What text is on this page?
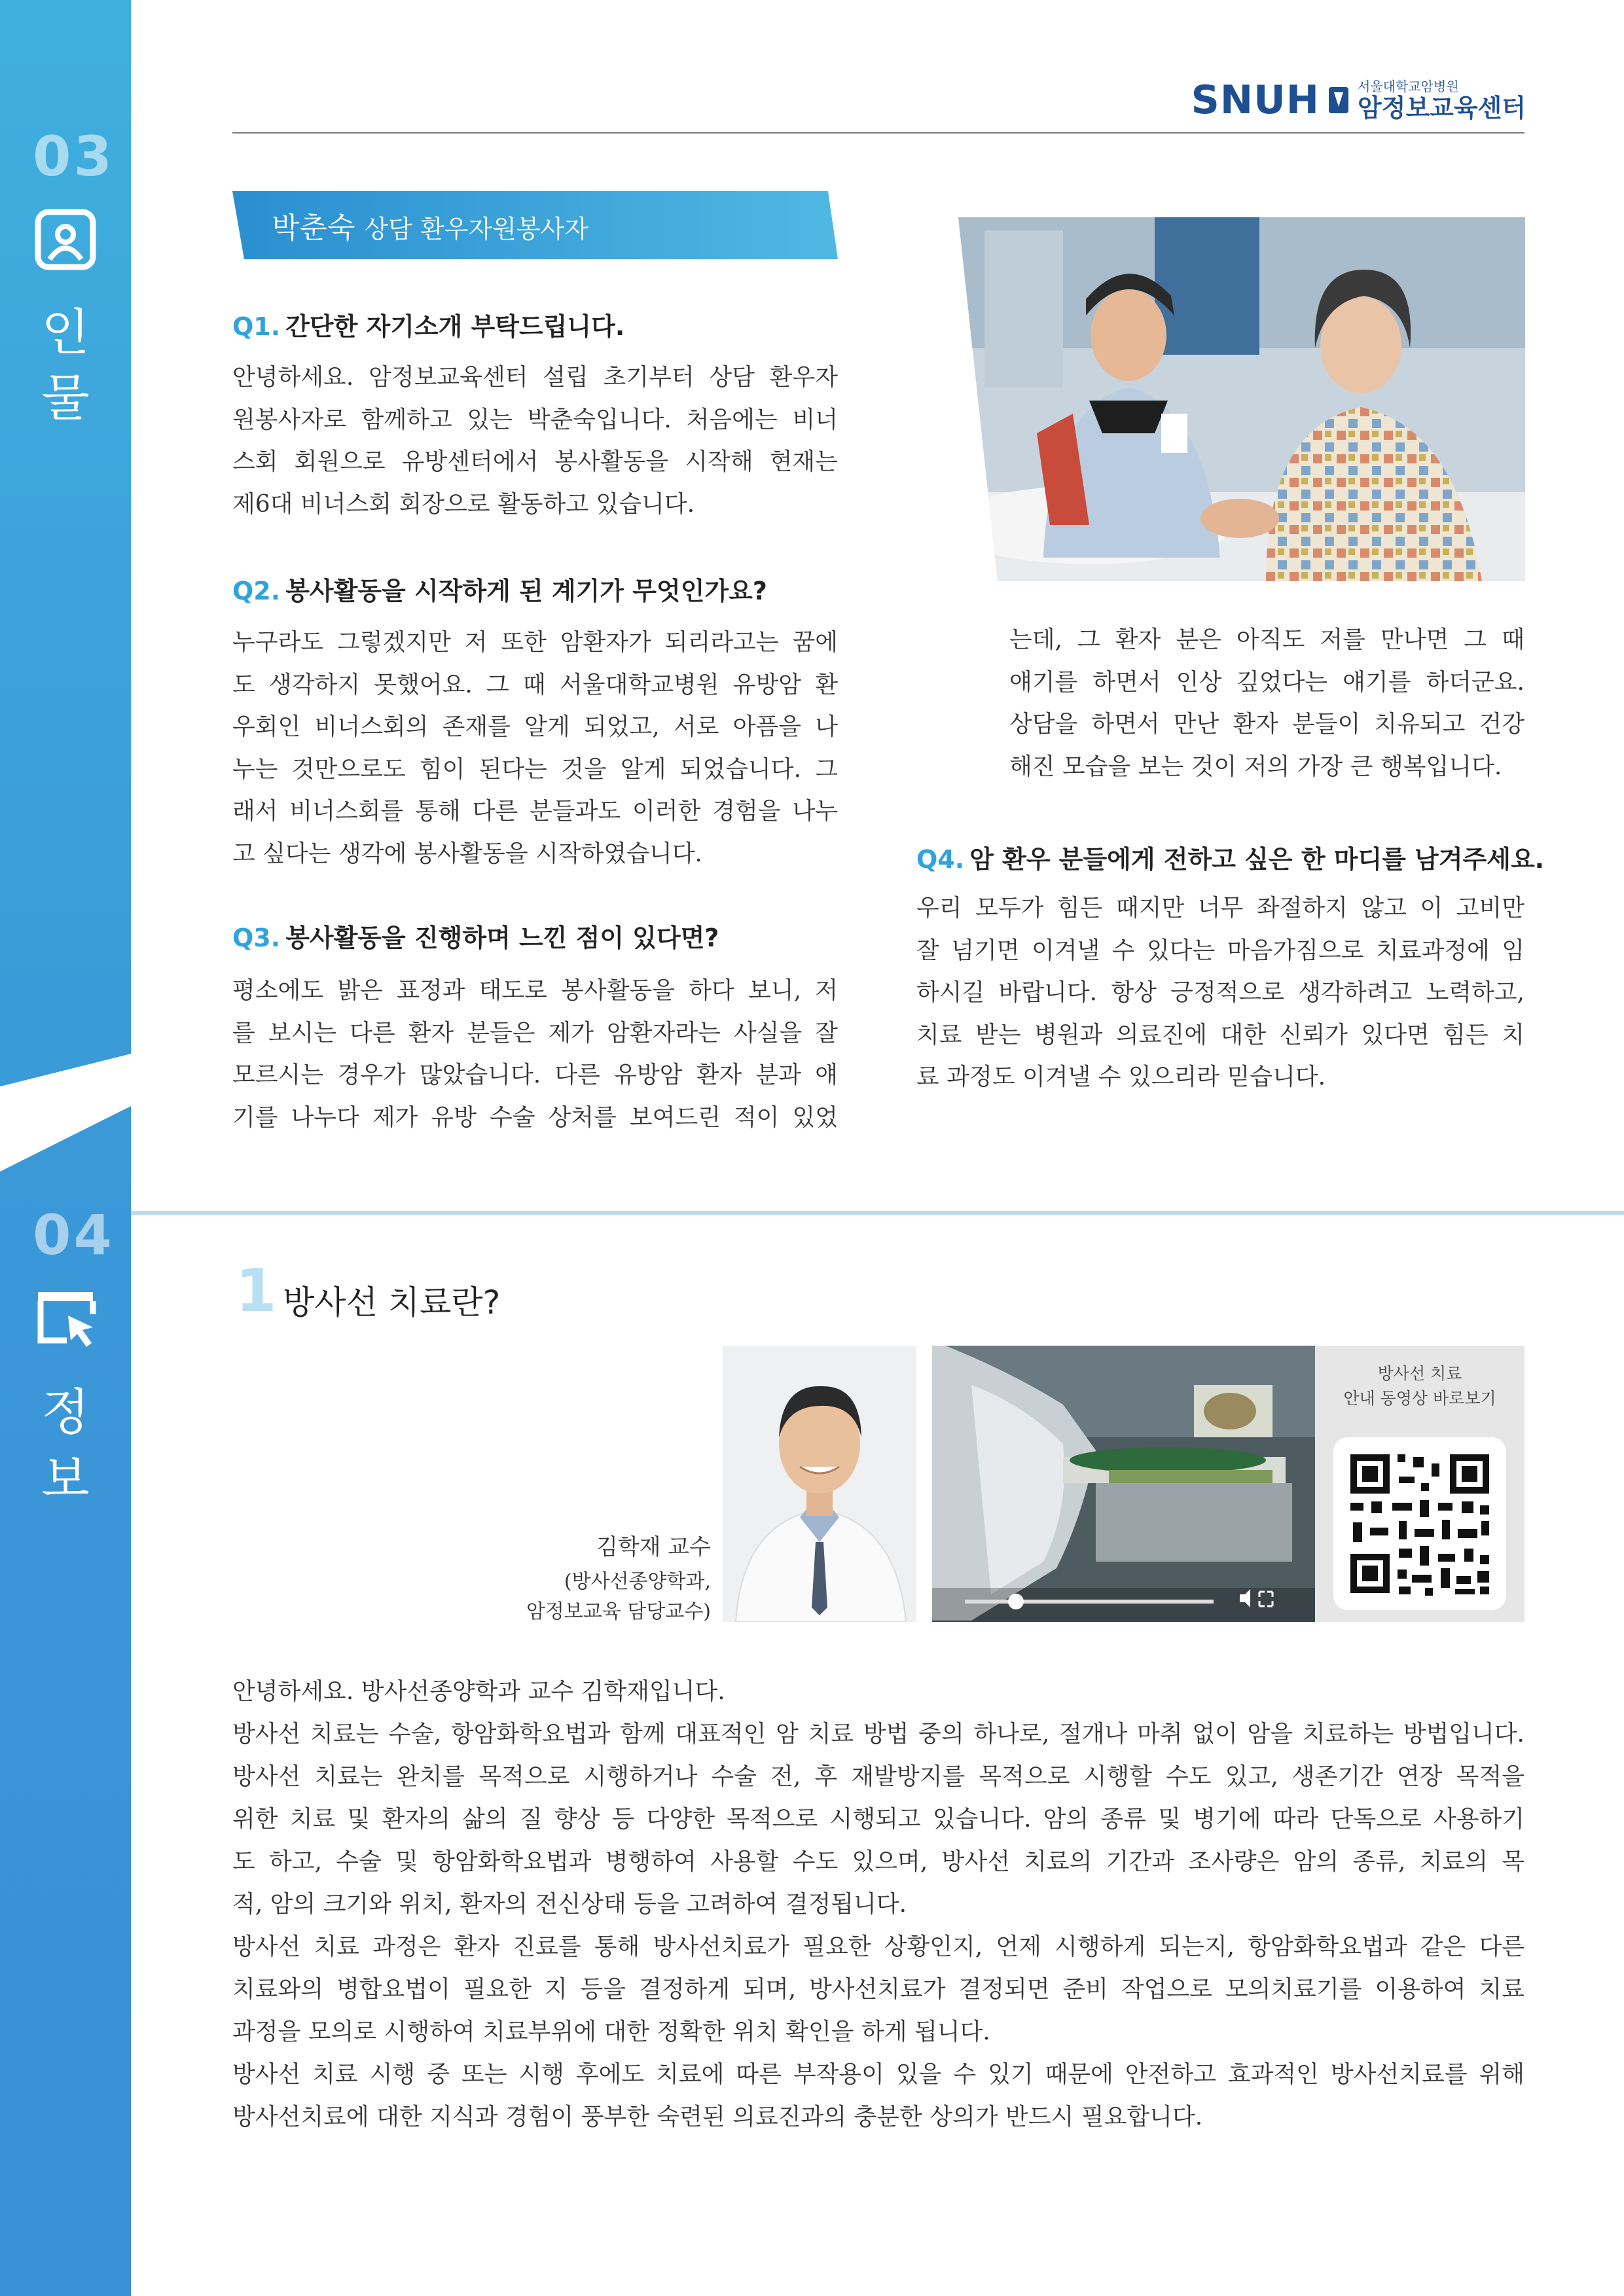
03
인
물
04
정
보
SNUH	서울대학교암병원
암정보교육센터
박춘숙 상담 환우자원봉사자
Q1. 간단한 자기소개 부탁드립니다.
안녕하세요. 암정보교육센터 설립 초기부터 상담 환우자
원봉사자로 함께하고 있는 박춘숙입니다. 처음에는 비너
스회 회원으로 유방센터에서 봉사활동을 시작해 현재는
제6대 비너스회 회장으로 활동하고 있습니다.
Q2. 봉사활동을 시작하게 된 계기가 무엇인가요?
누구라도 그렇겠지만 저 또한 암환자가 되리라고는 꿈에
도 생각하지 못했어요. 그 때 서울대학교병원 유방암 환
우회인 비너스회의 존재를 알게 되었고, 서로 아픔을 나
누는 것만으로도 힘이 된다는 것을 알게 되었습니다. 그
래서 비너스회를 통해 다른 분들과도 이러한 경험을 나누
고 싶다는 생각에 봉사활동을 시작하였습니다.
Q3. 봉사활동을 진행하며 느낀 점이 있다면?
평소에도 밝은 표정과 태도로 봉사활동을 하다 보니, 저
를 보시는 다른 환자 분들은 제가 암환자라는 사실을 잘
모르시는 경우가 많았습니다. 다른 유방암 환자 분과 얘
기를 나누다 제가 유방 수술 상처를 보여드린 적이 있었
는데, 그 환자 분은 아직도 저를 만나면 그 때
얘기를 하면서 인상 깊었다는 얘기를 하더군요.
상담을 하면서 만난 환자 분들이 치유되고 건강
해진 모습을 보는 것이 저의 가장 큰 행복입니다.
Q4. 암 환우 분들에게 전하고 싶은 한 마디를 남겨주세요.
우리 모두가 힘든 때지만 너무 좌절하지 않고 이 고비만
잘 넘기면 이겨낼 수 있다는 마음가짐으로 치료과정에 임
하시길 바랍니다. 항상 긍정적으로 생각하려고 노력하고,
치료 받는 병원과 의료진에 대한 신뢰가 있다면 힘든 치
료 과정도 이겨낼 수 있으리라 믿습니다.
1 방사선 치료란?
김학재 교수
(방사선종양학과,
암정보교육 담당교수)
방사선 치료
안내 동영상 바로보기
안녕하세요. 방사선종양학과 교수 김학재입니다.
방사선 치료는 수술, 항암화학요법과 함께 대표적인 암 치료 방법 중의 하나로, 절개나 마취 없이 암을 치료하는 방법입니다.
방사선 치료는 완치를 목적으로 시행하거나 수술 전, 후 재발방지를 목적으로 시행할 수도 있고, 생존기간 연장 목적을
위한 치료 및 환자의 삶의 질 향상 등 다양한 목적으로 시행되고 있습니다. 암의 종류 및 병기에 따라 단독으로 사용하기
도 하고, 수술 및 항암화학요법과 병행하여 사용할 수도 있으며, 방사선 치료의 기간과 조사량은 암의 종류, 치료의 목
적, 암의 크기와 위치, 환자의 전신상태 등을 고려하여 결정됩니다.
방사선 치료 과정은 환자 진료를 통해 방사선치료가 필요한 상황인지, 언제 시행하게 되는지, 항암화학요법과 같은 다른
치료와의 병합요법이 필요한 지 등을 결정하게 되며, 방사선치료가 결정되면 준비 작업으로 모의치료기를 이용하여 치료
과정을 모의로 시행하여 치료부위에 대한 정확한 위치 확인을 하게 됩니다.
방사선 치료 시행 중 또는 시행 후에도 치료에 따른 부작용이 있을 수 있기 때문에 안전하고 효과적인 방사선치료를 위해
방사선치료에 대한 지식과 경험이 풍부한 숙련된 의료진과의 충분한 상의가 반드시 필요합니다.
